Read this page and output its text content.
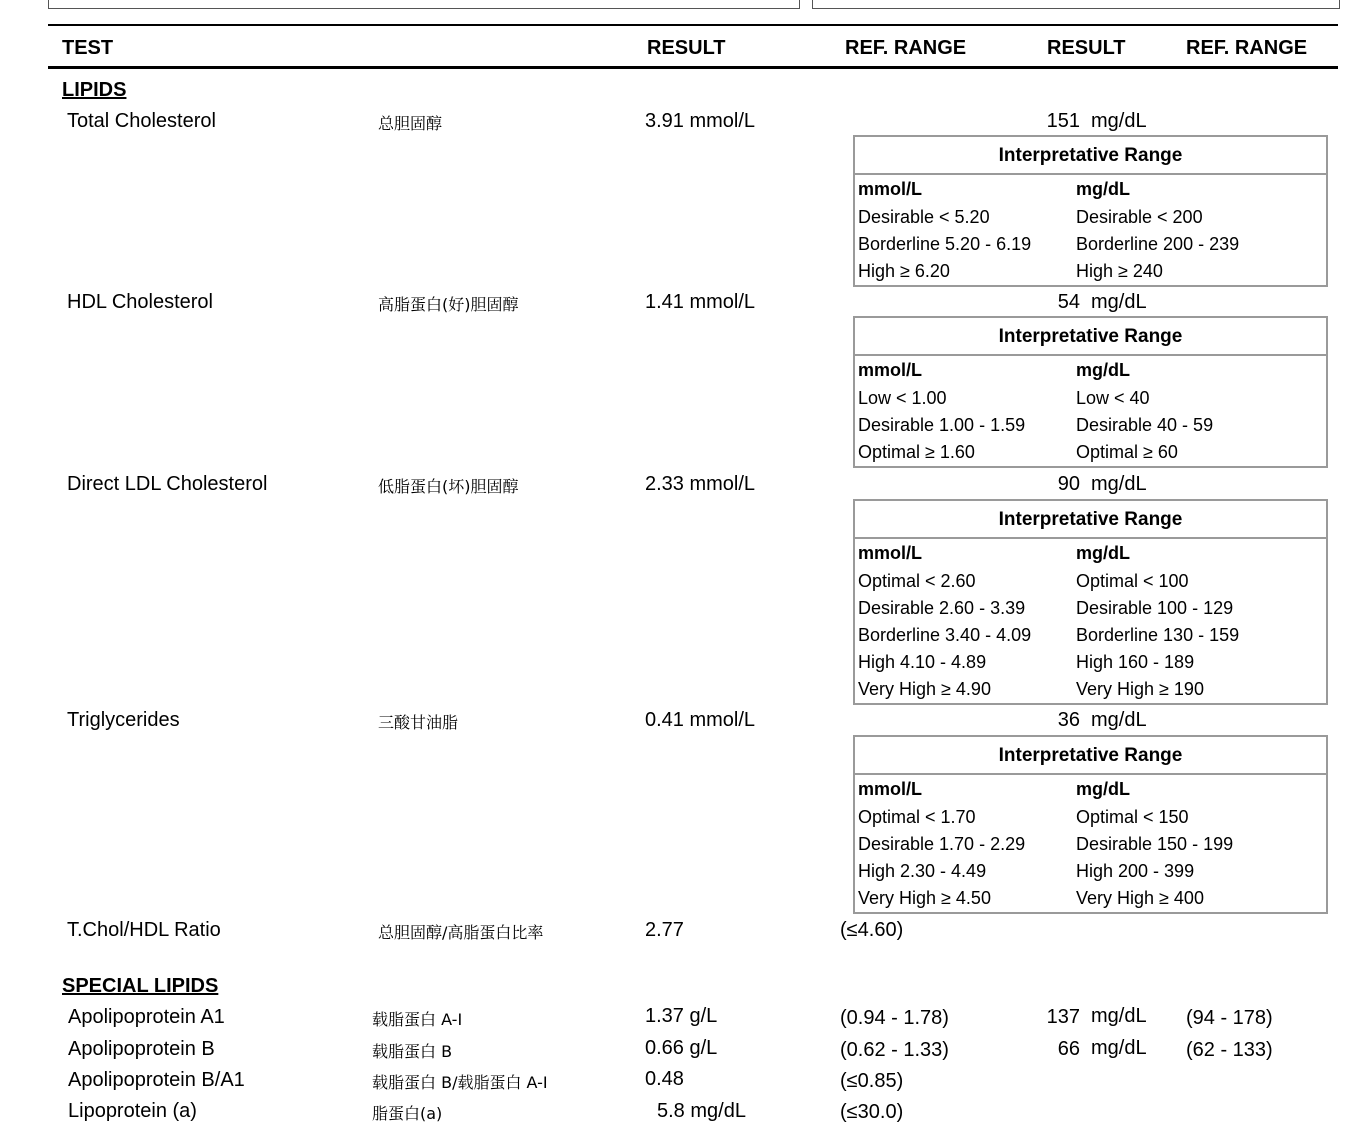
TEST	RESULT	REF. RANGE	RESULT	REF. RANGE
LIPIDS
Total Cholesterol	总胆固醇	3.91 mmol/L	151 mg/dL
Interpretative Range
mmol/L	mg/dL
Desirable < 5.20	Desirable < 200
Borderline 5.20 - 6.19 Borderline 200 - 239
High ≥ 6.20	High ≥ 240
HDL Cholesterol	高脂蛋白(好)胆固醇	1.41 mmol/L	54 mg/dL
Interpretative Range
mmol/L	mg/dL
Low < 1.00	Low < 40
Desirable 1.00 - 1.59	Desirable 40 - 59
Optimal ≥ 1.60	Optimal ≥ 60
Direct LDL Cholesterol	低脂蛋白(坏)胆固醇	2.33 mmol/L	90 mg/dL
Interpretative Range
mmol/L	mg/dL
Optimal < 2.60	Optimal < 100
Desirable 2.60 - 3.39	Desirable 100 - 129
Borderline 3.40 - 4.09 Borderline 130 - 159
High 4.10 - 4.89	High 160 - 189
Very High ≥ 4.90	Very High ≥ 190
Triglycerides	三酸甘油脂	0.41 mmol/L	36 mg/dL
Interpretative Range
mmol/L	mg/dL
Optimal < 1.70	Optimal < 150
Desirable 1.70 - 2.29	Desirable 150 - 199
High 2.30 - 4.49	High 200 - 399
Very High ≥ 4.50	Very High ≥ 400
T.Chol/HDL Ratio	总胆固醇/高脂蛋白比率	2.77	(≤4.60)
SPECIAL LIPIDS
Apolipoprotein A1	载脂蛋白 A-I	1.37 g/L	(0.94 - 1.78)	137 mg/dL (94 - 178)
Apolipoprotein B	载脂蛋白 B	0.66 g/L	(0.62 - 1.33)	66 mg/dL (62 - 133)
Apolipoprotein B/A1	载脂蛋白 B/载脂蛋白 A-I	0.48	(≤0.85)
Lipoprotein (a)	脂蛋白(a)	5.8 mg/dL	(≤30.0)
